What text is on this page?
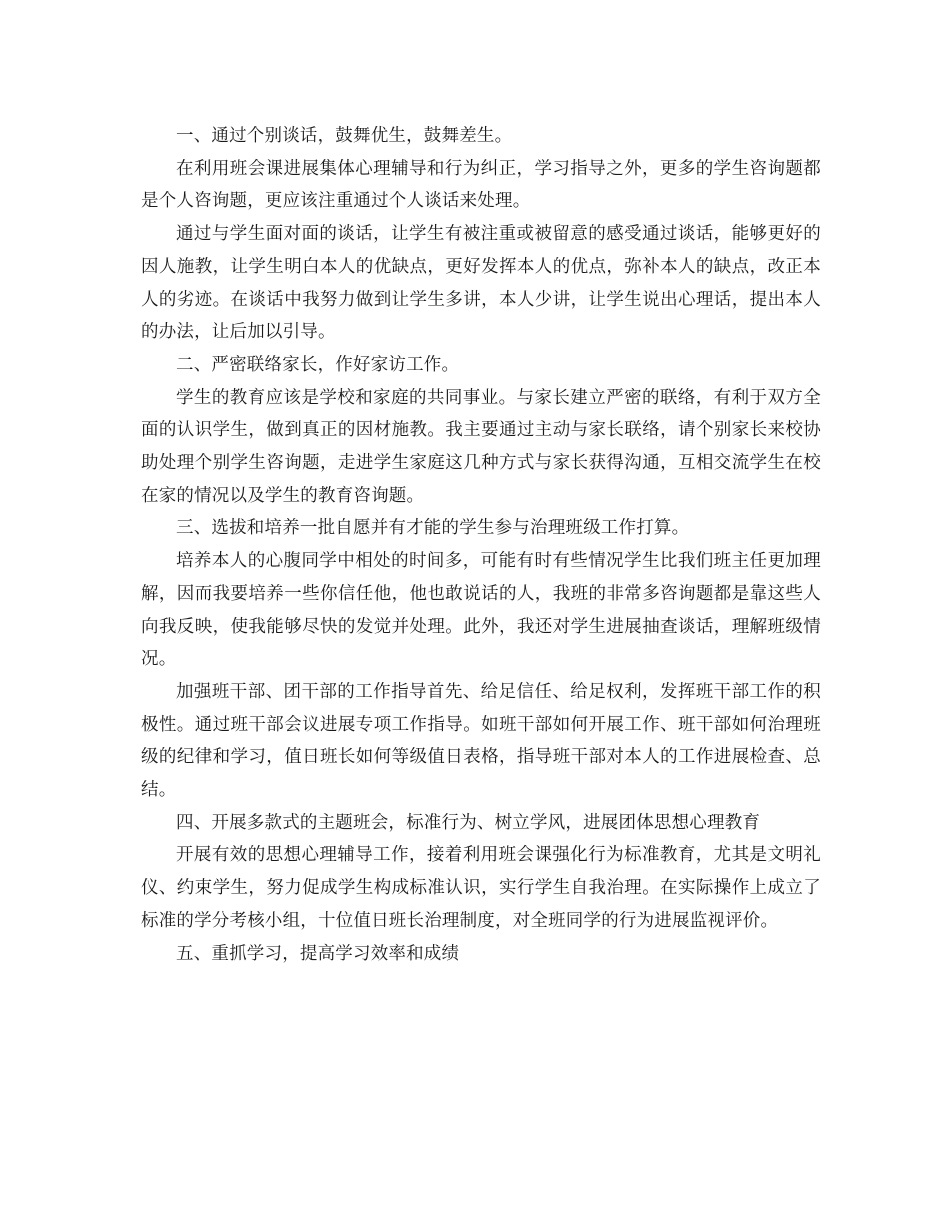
一、通过个别谈话，鼓舞优生，鼓舞差生。

在利用班会课进展集体心理辅导和行为纠正，学习指导之外，更多的学生咨询题都是个人咨询题，更应该注重通过个人谈话来处理。

通过与学生面对面的谈话，让学生有被注重或被留意的感受通过谈话，能够更好的因人施教，让学生明白本人的优缺点，更好发挥本人的优点，弥补本人的缺点，改正本人的劣迹。在谈话中我努力做到让学生多讲，本人少讲，让学生说出心理话，提出本人的办法，让后加以引导。

二、严密联络家长，作好家访工作。

学生的教育应该是学校和家庭的共同事业。与家长建立严密的联络，有利于双方全面的认识学生，做到真正的因材施教。我主要通过主动与家长联络，请个别家长来校协助处理个别学生咨询题，走进学生家庭这几种方式与家长获得沟通，互相交流学生在校在家的情况以及学生的教育咨询题。

三、选拔和培养一批自愿并有才能的学生参与治理班级工作打算。

培养本人的心腹同学中相处的时间多，可能有时有些情况学生比我们班主任更加理解，因而我要培养一些你信任他，他也敢说话的人，我班的非常多咨询题都是靠这些人向我反映，使我能够尽快的发觉并处理。此外，我还对学生进展抽查谈话，理解班级情况。

加强班干部、团干部的工作指导首先、给足信任、给足权利，发挥班干部工作的积极性。通过班干部会议进展专项工作指导。如班干部如何开展工作、班干部如何治理班级的纪律和学习，值日班长如何等级值日表格，指导班干部对本人的工作进展检查、总结。

四、开展多款式的主题班会，标准行为、树立学风，进展团体思想心理教育

开展有效的思想心理辅导工作，接着利用班会课强化行为标准教育，尤其是文明礼仪、约束学生，努力促成学生构成标准认识，实行学生自我治理。在实际操作上成立了标准的学分考核小组，十位值日班长治理制度，对全班同学的行为进展监视评价。

五、重抓学习，提高学习效率和成绩
